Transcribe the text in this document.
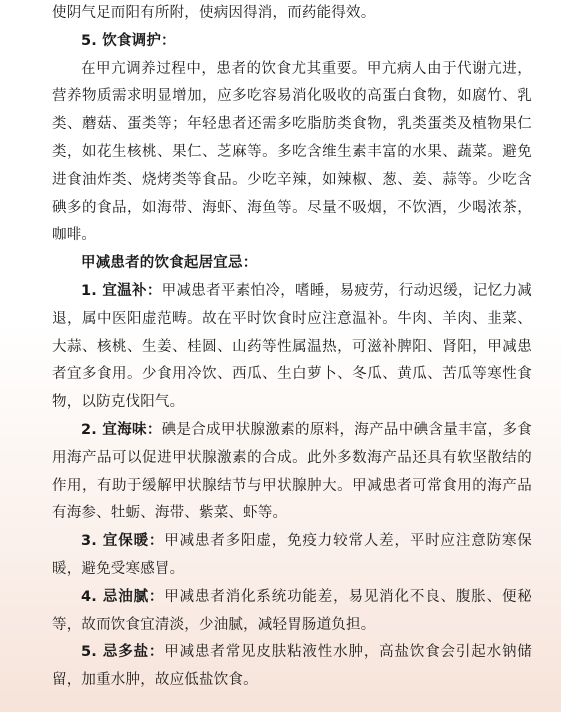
使阴气足而阳有所附，使病因得消，而药能得效。

5. 饮食调护：

在甲亢调养过程中，患者的饮食尤其重要。甲亢病人由于代谢亢进，营养物质需求明显增加，应多吃容易消化吸收的高蛋白食物，如腐竹、乳类、蘑菇、蛋类等；年轻患者还需多吃脂肪类食物，乳类蛋类及植物果仁类，如花生核桃、果仁、芝麻等。多吃含维生素丰富的水果、蔬菜。避免进食油炸类、烧烤类等食品。少吃辛辣，如辣椒、葱、姜、蒜等。少吃含碘多的食品，如海带、海虾、海鱼等。尽量不吸烟，不饮酒，少喝浓茶，咖啡。

甲减患者的饮食起居宜忌：

1. 宜温补：甲减患者平素怕冷，嗜睡，易疲劳，行动迟缓，记忆力减退，属中医阳虚范畴。故在平时饮食时应注意温补。牛肉、羊肉、韭菜、大蒜、核桃、生姜、桂圆、山药等性属温热，可滋补脾阳、肾阳，甲减患者宜多食用。少食用冷饮、西瓜、生白萝卜、冬瓜、黄瓜、苦瓜等寒性食物，以防克伐阳气。

2. 宜海味：碘是合成甲状腺激素的原料，海产品中碘含量丰富，多食用海产品可以促进甲状腺激素的合成。此外多数海产品还具有软坚散结的作用，有助于缓解甲状腺结节与甲状腺肿大。甲减患者可常食用的海产品有海参、牡蛎、海带、紫菜、虾等。

3. 宜保暖：甲减患者多阳虚，免疫力较常人差，平时应注意防寒保暖，避免受寒感冒。

4. 忌油腻：甲减患者消化系统功能差，易见消化不良、腹胀、便秘等，故而饮食宜清淡，少油腻，减轻胃肠道负担。

5. 忌多盐：甲减患者常见皮肤粘液性水肿，高盐饮食会引起水钠储留，加重水肿，故应低盐饮食。
